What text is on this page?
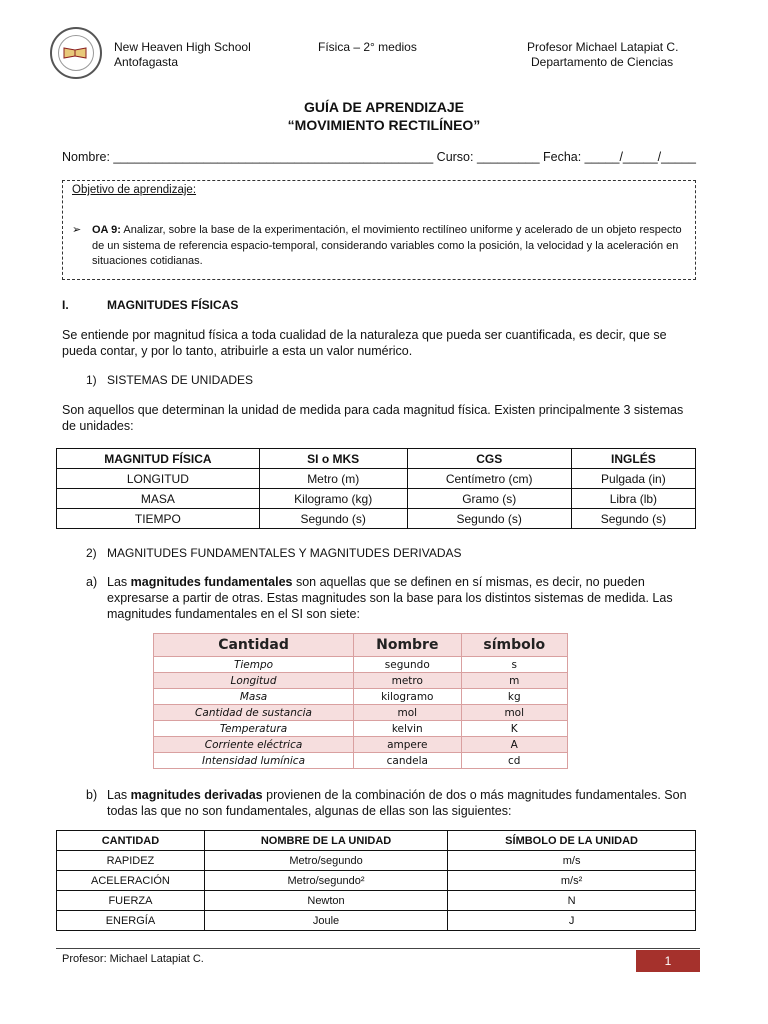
New Heaven High School
Antofagasta
Física – 2° medios	Profesor Michael Latapiat C.
Departamento de Ciencias
GUÍA DE APRENDIZAJE
“MOVIMIENTO RECTILÍNEO”
Nombre: ______________________________________________ Curso: _________ Fecha: _____/_____/_____
Objetivo de aprendizaje:
➢ OA 9: Analizar, sobre la base de la experimentación, el movimiento rectilíneo uniforme y acelerado de un objeto respecto de un sistema de referencia espacio-temporal, considerando variables como la posición, la velocidad y la aceleración en situaciones cotidianas.
I.	MAGNITUDES FÍSICAS
Se entiende por magnitud física a toda cualidad de la naturaleza que pueda ser cuantificada, es decir, que se pueda contar, y por lo tanto, atribuirle a esta un valor numérico.
1) SISTEMAS DE UNIDADES
Son aquellos que determinan la unidad de medida para cada magnitud física. Existen principalmente 3 sistemas de unidades:
MAGNITUD FÍSICA	SI o MKS	CGS	INGLÉS
LONGITUD	Metro (m)	Centímetro (cm)	Pulgada (in)
MASA	Kilogramo (kg)	Gramo (s)	Libra (lb)
TIEMPO	Segundo (s)	Segundo (s)	Segundo (s)
2) MAGNITUDES FUNDAMENTALES Y MAGNITUDES DERIVADAS
a) Las magnitudes fundamentales son aquellas que se definen en sí mismas, es decir, no pueden expresarse a partir de otras. Estas magnitudes son la base para los distintos sistemas de medida. Las magnitudes fundamentales en el SI son siete:
Cantidad	Nombre	símbolo
Tiempo	segundo	s
Longitud	metro	m
Masa	kilogramo	kg
Cantidad de sustancia	mol	mol
Temperatura	kelvin	K
Corriente eléctrica	ampere	A
Intensidad lumínica	candela	cd
b) Las magnitudes derivadas provienen de la combinación de dos o más magnitudes fundamentales. Son todas las que no son fundamentales, algunas de ellas son las siguientes:
CANTIDAD	NOMBRE DE LA UNIDAD	SÍMBOLO DE LA UNIDAD
RAPIDEZ	Metro/segundo	m/s
ACELERACIÓN	Metro/segundo²	m/s²
FUERZA	Newton	N
ENERGÍA	Joule	J
Profesor: Michael Latapiat C.	1
